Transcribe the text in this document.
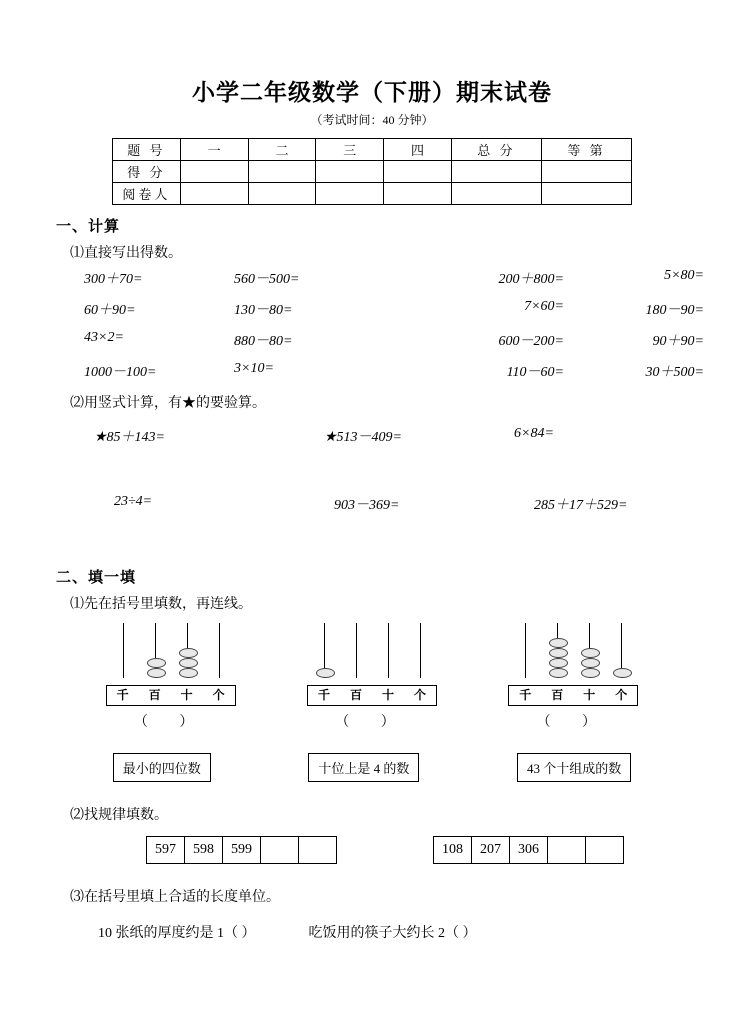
小学二年级数学（下册）期末试卷
（考试时间：40 分钟）
题 号	一	二	三	四	总 分	等 第
得 分						
阅卷人						
一、计算
⑴直接写出得数。
300＋70=	560－500=	200＋800=	5×80=
60＋90=	130－80=	7×60=	180－90=
43×2=	880－80=	600－200=	90＋90=
1000－100=	3×10=	110－60=	30＋500=
⑵用竖式计算，有★的要验算。
★85＋143=	★513－409=	6×84=
23÷4=	903－369=	285＋17＋529=
二、填一填
⑴先在括号里填数，再连线。
千	百	十	个
（ ）
千	百	十	个
（ ）
千	百	十	个
（ ）
最小的四位数	十位上是 4 的数	43 个十组成的数
⑵找规律填数。
597	598	599			108	207	306		
⑶在括号里填上合适的长度单位。
10 张纸的厚度约是 1（ ）	吃饭用的筷子大约长 2（ ）
